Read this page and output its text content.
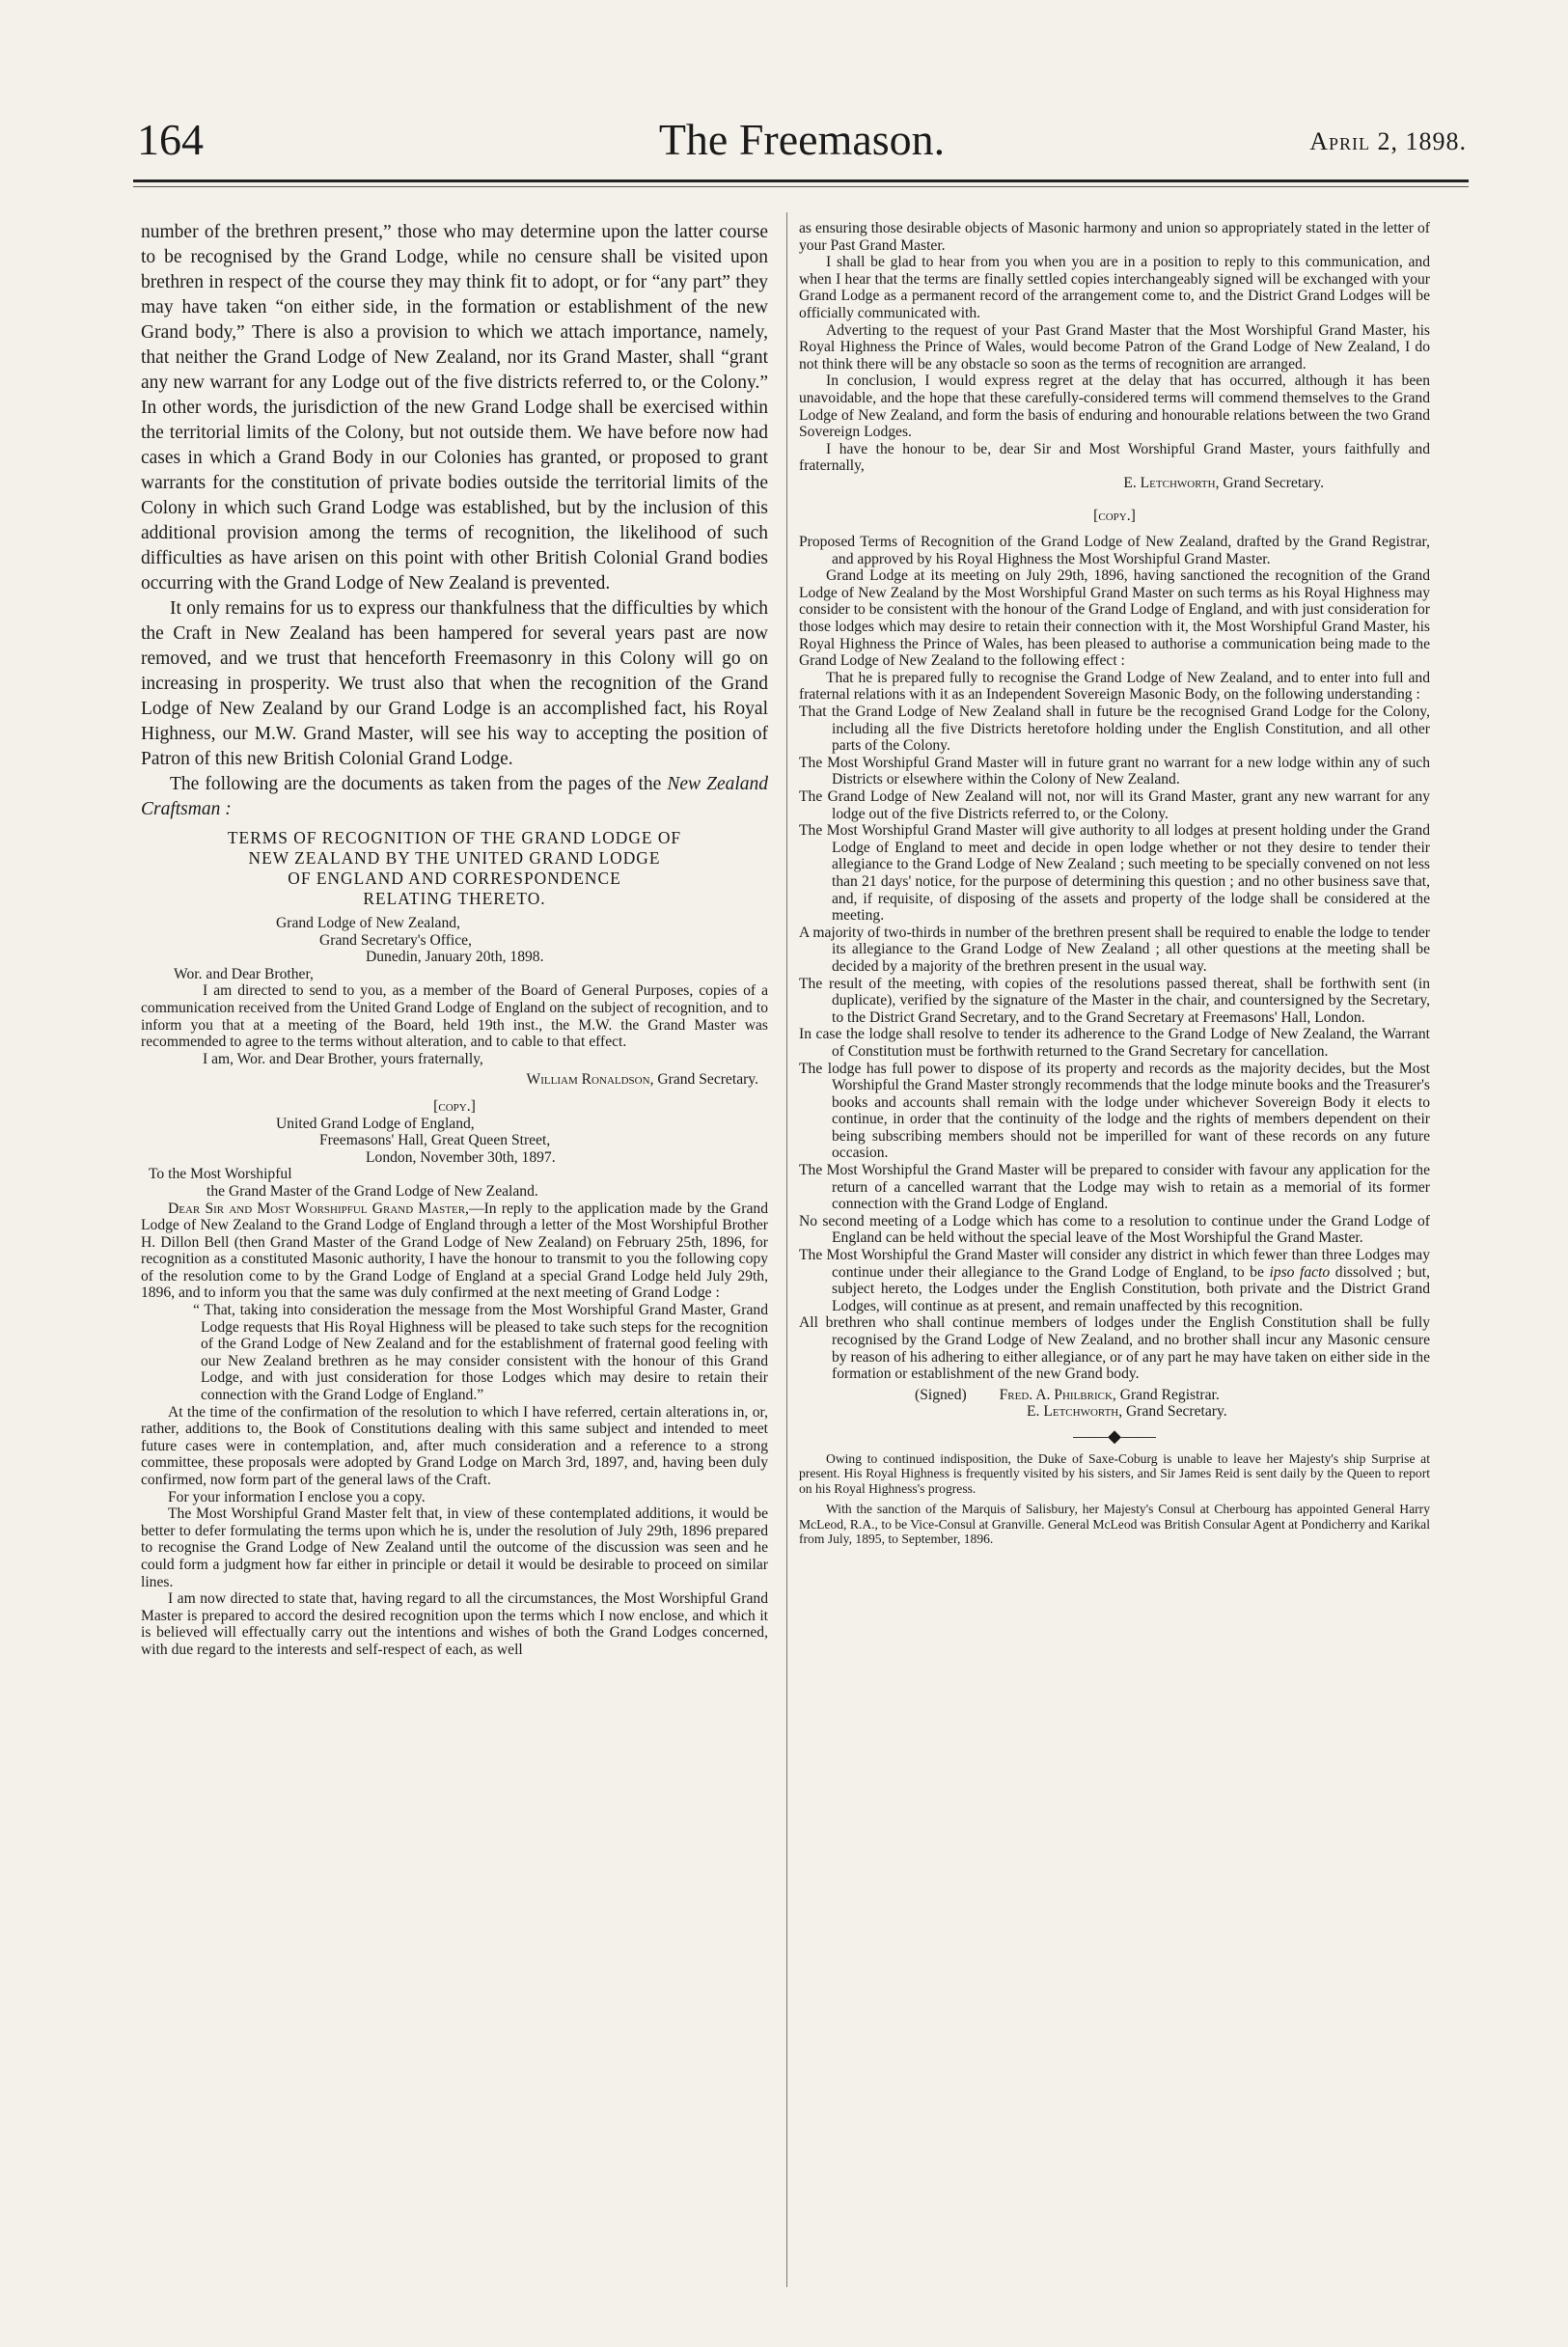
The Freemason.
164	April 2, 1898.

number of the brethren present,” those who may determine upon the latter course to be recognised by the Grand Lodge, while no censure shall be visited upon brethren in respect of the course they may think fit to adopt, or for “any part” they may have taken “on either side, in the formation or establishment of the new Grand body,” There is also a provision to which we attach importance, namely, that neither the Grand Lodge of New Zealand, nor its Grand Master, shall “grant any new warrant for any Lodge out of the five districts referred to, or the Colony.” In other words, the jurisdiction of the new Grand Lodge shall be exercised within the territorial limits of the Colony, but not outside them. We have before now had cases in which a Grand Body in our Colonies has granted, or proposed to grant warrants for the constitution of private bodies outside the territorial limits of the Colony in which such Grand Lodge was established, but by the inclusion of this additional provision among the terms of recognition, the likelihood of such difficulties as have arisen on this point with other British Colonial Grand bodies occurring with the Grand Lodge of New Zealand is prevented.

It only remains for us to express our thankfulness that the difficulties by which the Craft in New Zealand has been hampered for several years past are now removed, and we trust that henceforth Freemasonry in this Colony will go on increasing in prosperity. We trust also that when the recognition of the Grand Lodge of New Zealand by our Grand Lodge is an accomplished fact, his Royal Highness, our M.W. Grand Master, will see his way to accepting the position of Patron of this new British Colonial Grand Lodge.

The following are the documents as taken from the pages of the New Zealand Craftsman :

TERMS OF RECOGNITION OF THE GRAND LODGE OF
NEW ZEALAND BY THE UNITED GRAND LODGE
OF ENGLAND AND CORRESPONDENCE
RELATING THERETO.
Grand Lodge of New Zealand,
Grand Secretary's Office,
Dunedin, January 20th, 1898.
Wor. and Dear Brother,

I am directed to send to you, as a member of the Board of General Purposes, copies of a communication received from the United Grand Lodge of England on the subject of recognition, and to inform you that at a meeting of the Board, held 19th inst., the M.W. the Grand Master was recommended to agree to the terms without alteration, and to cable to that effect.

I am, Wor. and Dear Brother, yours fraternally,
William Ronaldson, Grand Secretary.
[copy.]
United Grand Lodge of England,
Freemasons' Hall, Great Queen Street,
London, November 30th, 1897.
To the Most Worshipful
the Grand Master of the Grand Lodge of New Zealand.

Dear Sir and Most Worshipful Grand Master,—In reply to the application made by the Grand Lodge of New Zealand to the Grand Lodge of England through a letter of the Most Worshipful Brother H. Dillon Bell (then Grand Master of the Grand Lodge of New Zealand) on February 25th, 1896, for recognition as a constituted Masonic authority, I have the honour to transmit to you the following copy of the resolution come to by the Grand Lodge of England at a special Grand Lodge held July 29th, 1896, and to inform you that the same was duly confirmed at the next meeting of Grand Lodge :

“ That, taking into consideration the message from the Most Worshipful Grand Master, Grand Lodge requests that His Royal Highness will be pleased to take such steps for the recognition of the Grand Lodge of New Zealand and for the establishment of fraternal good feeling with our New Zealand brethren as he may consider consistent with the honour of this Grand Lodge, and with just consideration for those Lodges which may desire to retain their connection with the Grand Lodge of England.”

At the time of the confirmation of the resolution to which I have referred, certain alterations in, or, rather, additions to, the Book of Constitutions dealing with this same subject and intended to meet future cases were in contemplation, and, after much consideration and a reference to a strong committee, these proposals were adopted by Grand Lodge on March 3rd, 1897, and, having been duly confirmed, now form part of the general laws of the Craft.

For your information I enclose you a copy.

The Most Worshipful Grand Master felt that, in view of these contemplated additions, it would be better to defer formulating the terms upon which he is, under the resolution of July 29th, 1896 prepared to recognise the Grand Lodge of New Zealand until the outcome of the discussion was seen and he could form a judgment how far either in principle or detail it would be desirable to proceed on similar lines.

I am now directed to state that, having regard to all the circumstances, the Most Worshipful Grand Master is prepared to accord the desired recognition upon the terms which I now enclose, and which it is believed will effectually carry out the intentions and wishes of both the Grand Lodges concerned, with due regard to the interests and self-respect of each, as well

as ensuring those desirable objects of Masonic harmony and union so appropriately stated in the letter of your Past Grand Master.

I shall be glad to hear from you when you are in a position to reply to this communication, and when I hear that the terms are finally settled copies interchangeably signed will be exchanged with your Grand Lodge as a permanent record of the arrangement come to, and the District Grand Lodges will be officially communicated with.

Adverting to the request of your Past Grand Master that the Most Worshipful Grand Master, his Royal Highness the Prince of Wales, would become Patron of the Grand Lodge of New Zealand, I do not think there will be any obstacle so soon as the terms of recognition are arranged.

In conclusion, I would express regret at the delay that has occurred, although it has been unavoidable, and the hope that these carefully-considered terms will commend themselves to the Grand Lodge of New Zealand, and form the basis of enduring and honourable relations between the two Grand Sovereign Lodges.

I have the honour to be, dear Sir and Most Worshipful Grand Master, yours faithfully and fraternally,

E. Letchworth, Grand Secretary.
[copy.]

Proposed Terms of Recognition of the Grand Lodge of New Zealand, drafted by the Grand Registrar, and approved by his Royal Highness the Most Worshipful Grand Master.

Grand Lodge at its meeting on July 29th, 1896, having sanctioned the recognition of the Grand Lodge of New Zealand by the Most Worshipful Grand Master on such terms as his Royal Highness may consider to be consistent with the honour of the Grand Lodge of England, and with just consideration for those lodges which may desire to retain their connection with it, the Most Worshipful Grand Master, his Royal Highness the Prince of Wales, has been pleased to authorise a communication being made to the Grand Lodge of New Zealand to the following effect :

That he is prepared fully to recognise the Grand Lodge of New Zealand, and to enter into full and fraternal relations with it as an Independent Sovereign Masonic Body, on the following understanding :

That the Grand Lodge of New Zealand shall in future be the recognised Grand Lodge for the Colony, including all the five Districts heretofore holding under the English Constitution, and all other parts of the Colony.

The Most Worshipful Grand Master will in future grant no warrant for a new lodge within any of such Districts or elsewhere within the Colony of New Zealand.

The Grand Lodge of New Zealand will not, nor will its Grand Master, grant any new warrant for any lodge out of the five Districts referred to, or the Colony.

The Most Worshipful Grand Master will give authority to all lodges at present holding under the Grand Lodge of England to meet and decide in open lodge whether or not they desire to tender their allegiance to the Grand Lodge of New Zealand ; such meeting to be specially convened on not less than 21 days' notice, for the purpose of determining this question ; and no other business save that, and, if requisite, of disposing of the assets and property of the lodge shall be considered at the meeting.

A majority of two-thirds in number of the brethren present shall be required to enable the lodge to tender its allegiance to the Grand Lodge of New Zealand ; all other questions at the meeting shall be decided by a majority of the brethren present in the usual way.

The result of the meeting, with copies of the resolutions passed thereat, shall be forthwith sent (in duplicate), verified by the signature of the Master in the chair, and countersigned by the Secretary, to the District Grand Secretary, and to the Grand Secretary at Freemasons' Hall, London.

In case the lodge shall resolve to tender its adherence to the Grand Lodge of New Zealand, the Warrant of Constitution must be forthwith returned to the Grand Secretary for cancellation.

The lodge has full power to dispose of its property and records as the majority decides, but the Most Worshipful the Grand Master strongly recommends that the lodge minute books and the Treasurer's books and accounts shall remain with the lodge under whichever Sovereign Body it elects to continue, in order that the continuity of the lodge and the rights of members dependent on their being subscribing members should not be imperilled for want of these records on any future occasion.

The Most Worshipful the Grand Master will be prepared to consider with favour any application for the return of a cancelled warrant that the Lodge may wish to retain as a memorial of its former connection with the Grand Lodge of England.

No second meeting of a Lodge which has come to a resolution to continue under the Grand Lodge of England can be held without the special leave of the Most Worshipful the Grand Master.

The Most Worshipful the Grand Master will consider any district in which fewer than three Lodges may continue under their allegiance to the Grand Lodge of England, to be ipso facto dissolved ; but, subject hereto, the Lodges under the English Constitution, both private and the District Grand Lodges, will continue as at present, and remain unaffected by this recognition.

All brethren who shall continue members of lodges under the English Constitution shall be fully recognised by the Grand Lodge of New Zealand, and no brother shall incur any Masonic censure by reason of his adhering to either allegiance, or of any part he may have taken on either side in the formation or establishment of the new Grand body.

(Signed) Fred. A. Philbrick, Grand Registrar.
E. Letchworth, Grand Secretary.
——◆——

Owing to continued indisposition, the Duke of Saxe-Coburg is unable to leave her Majesty's ship Surprise at present. His Royal Highness is frequently visited by his sisters, and Sir James Reid is sent daily by the Queen to report on his Royal Highness's progress.

With the sanction of the Marquis of Salisbury, her Majesty's Consul at Cherbourg has appointed General Harry McLeod, R.A., to be Vice-Consul at Granville. General McLeod was British Consular Agent at Pondicherry and Karikal from July, 1895, to September, 1896.
